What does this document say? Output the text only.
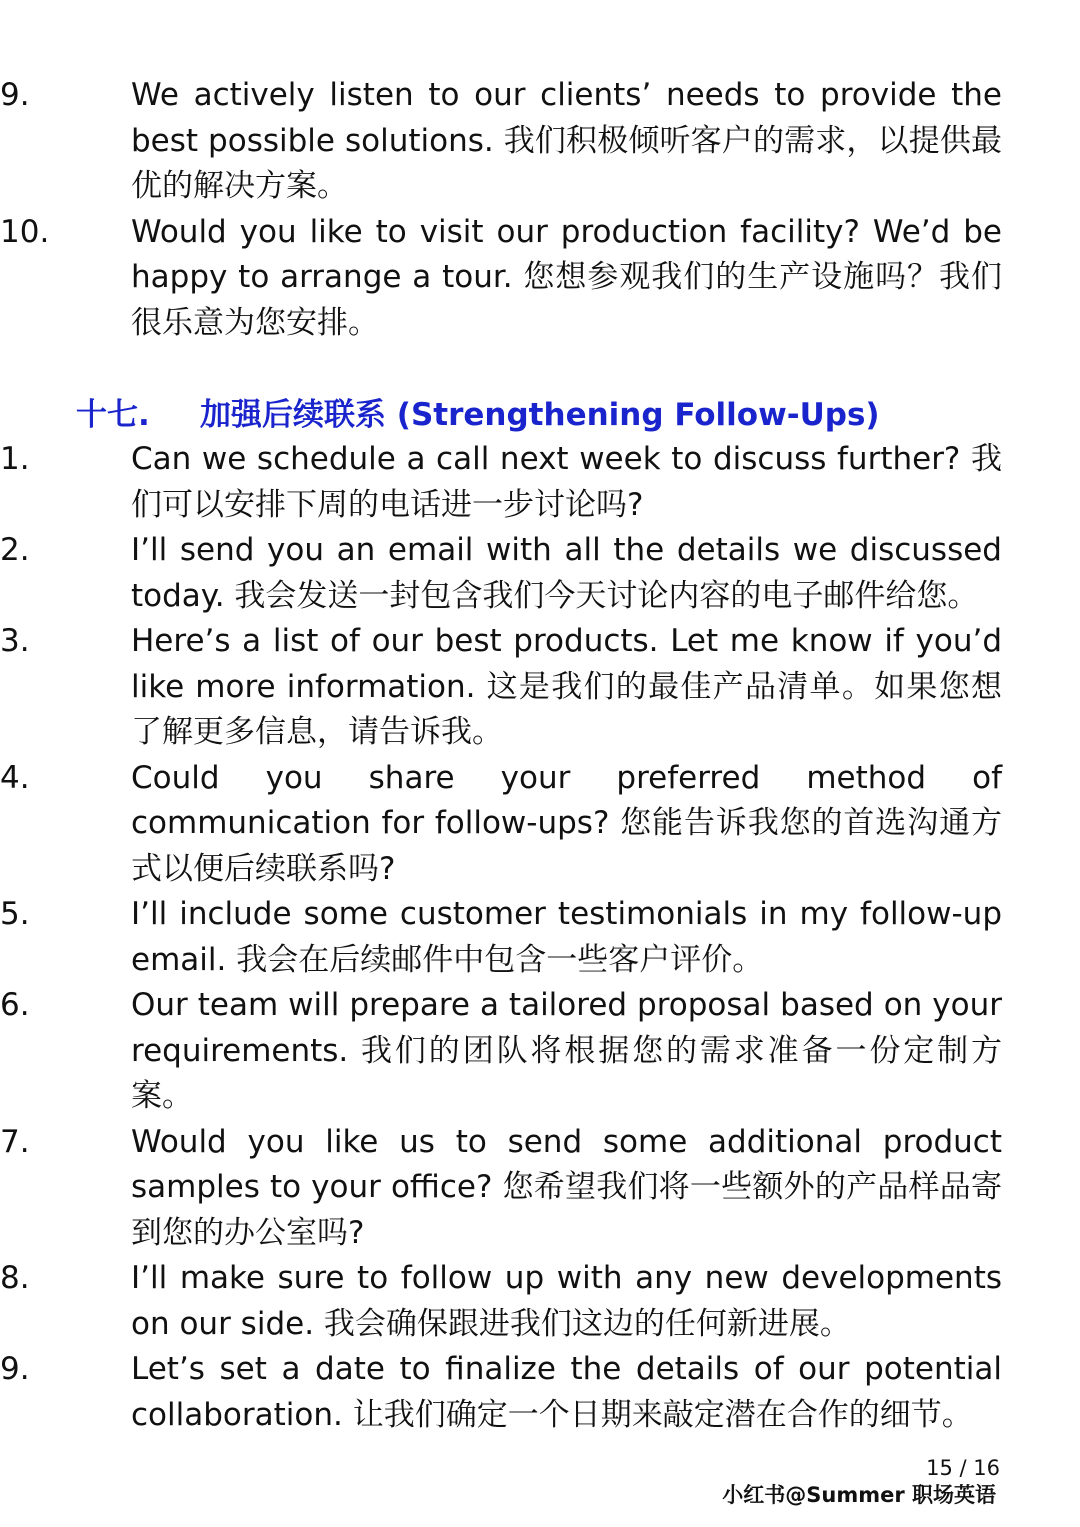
9.	We actively listen to our clients’ needs to provide the best possible solutions. 我们积极倾听客户的需求，以提供最优的解决方案。
10.	Would you like to visit our production facility? We’d be happy to arrange a tour. 您想参观我们的生产设施吗？我们很乐意为您安排。
十七. 加强后续联系 (Strengthening Follow-Ups)
1.	Can we schedule a call next week to discuss further? 我们可以安排下周的电话进一步讨论吗?
2.	I’ll send you an email with all the details we discussed today. 我会发送一封包含我们今天讨论内容的电子邮件给您。
3.	Here’s a list of our best products. Let me know if you’d like more information. 这是我们的最佳产品清单。如果您想了解更多信息，请告诉我。
4.	Could you share your preferred method of communication for follow-ups? 您能告诉我您的首选沟通方式以便后续联系吗?
5.	I’ll include some customer testimonials in my follow-up email. 我会在后续邮件中包含一些客户评价。
6.	Our team will prepare a tailored proposal based on your requirements. 我们的团队将根据您的需求准备一份定制方案。
7.	Would you like us to send some additional product samples to your office? 您希望我们将一些额外的产品样品寄到您的办公室吗?
8.	I’ll make sure to follow up with any new developments on our side. 我会确保跟进我们这边的任何新进展。
9.	Let’s set a date to finalize the details of our potential collaboration. 让我们确定一个日期来敲定潜在合作的细节。
15 / 16
小红书@Summer 职场英语
